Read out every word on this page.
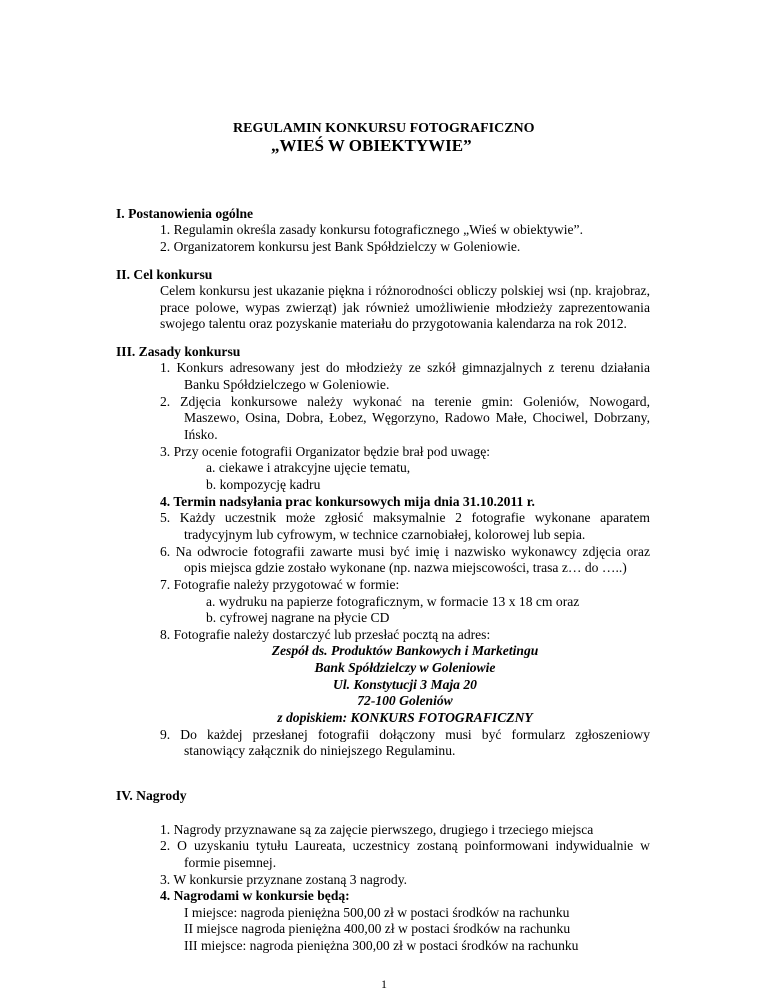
REGULAMIN KONKURSU FOTOGRAFICZNO
„WIEŚ W OBIEKTYWIE”
I. Postanowienia ogólne
1. Regulamin określa zasady konkursu fotograficznego „Wieś w obiektywie”.
2. Organizatorem konkursu jest Bank Spółdzielczy w Goleniowie.
II. Cel konkursu
Celem konkursu jest ukazanie piękna i różnorodności obliczy polskiej wsi (np. krajobraz,
prace polowe, wypas zwierząt) jak również umożliwienie młodzieży zaprezentowania
swojego talentu oraz pozyskanie materiału do przygotowania kalendarza na rok 2012.
III. Zasady konkursu
1. Konkurs adresowany jest do młodzieży ze szkół gimnazjalnych z terenu działania
Banku Spółdzielczego w Goleniowie.
2. Zdjęcia konkursowe należy wykonać na terenie gmin: Goleniów, Nowogard,
Maszewo, Osina, Dobra, Łobez, Węgorzyno, Radowo Małe, Chociwel, Dobrzany,
Ińsko.
3. Przy ocenie fotografii Organizator będzie brał pod uwagę:
a. ciekawe i atrakcyjne ujęcie tematu,
b. kompozycję kadru
4. Termin nadsyłania prac konkursowych mija dnia 31.10.2011 r.
5. Każdy uczestnik może zgłosić maksymalnie 2 fotografie wykonane aparatem
tradycyjnym lub cyfrowym, w technice czarnobiałej, kolorowej lub sepia.
6. Na odwrocie fotografii zawarte musi być imię i nazwisko wykonawcy zdjęcia oraz
opis miejsca gdzie zostało wykonane (np. nazwa miejscowości, trasa z… do …..)
7. Fotografie należy przygotować w formie:
a. wydruku na papierze fotograficznym, w formacie 13 x 18 cm oraz
b. cyfrowej nagrane na płycie CD
8. Fotografie należy dostarczyć lub przesłać pocztą na adres:
Zespół ds. Produktów Bankowych i Marketingu
Bank Spółdzielczy w Goleniowie
Ul. Konstytucji 3 Maja 20
72-100 Goleniów
z dopiskiem: KONKURS FOTOGRAFICZNY
9. Do każdej przesłanej fotografii dołączony musi być formularz zgłoszeniowy
stanowiący załącznik do niniejszego Regulaminu.
IV. Nagrody
1. Nagrody przyznawane są za zajęcie pierwszego, drugiego i trzeciego miejsca
2. O uzyskaniu tytułu Laureata, uczestnicy zostaną poinformowani indywidualnie w
formie pisemnej.
3. W konkursie przyznane zostaną 3 nagrody.
4. Nagrodami w konkursie będą:
I miejsce: nagroda pieniężna 500,00 zł w postaci środków na rachunku
II miejsce nagroda pieniężna 400,00 zł w postaci środków na rachunku
III miejsce: nagroda pieniężna 300,00 zł w postaci środków na rachunku
1
